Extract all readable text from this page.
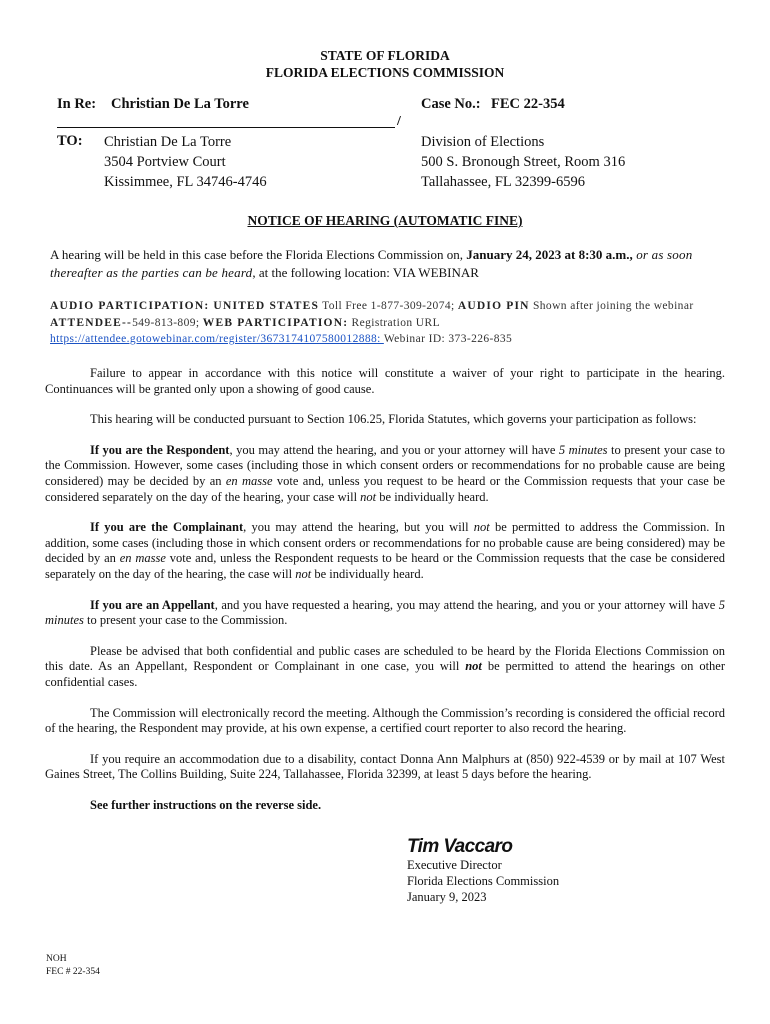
STATE OF FLORIDA
FLORIDA ELECTIONS COMMISSION
In Re: Christian De La Torre	Case No.: FEC 22-354
/
TO: Christian De La Torre
3504 Portview Court
Kissimmee, FL 34746-4746
Division of Elections
500 S. Bronough Street, Room 316
Tallahassee, FL 32399-6596
NOTICE OF HEARING (AUTOMATIC FINE)
A hearing will be held in this case before the Florida Elections Commission on, January 24, 2023 at 8:30 a.m., or as soon thereafter as the parties can be heard, at the following location: VIA WEBINAR
AUDIO PARTICIPATION: UNITED STATES Toll Free 1-877-309-2074; AUDIO PIN Shown after joining the webinar
ATTENDEE--549-813-809; WEB PARTICIPATION: Registration URL
https://attendee.gotowebinar.com/register/3673174107580012888: Webinar ID: 373-226-835

Failure to appear in accordance with this notice will constitute a waiver of your right to participate in the hearing. Continuances will be granted only upon a showing of good cause.

This hearing will be conducted pursuant to Section 106.25, Florida Statutes, which governs your participation as follows:

If you are the Respondent, you may attend the hearing, and you or your attorney will have 5 minutes to present your case to the Commission. However, some cases (including those in which consent orders or recommendations for no probable cause are being considered) may be decided by an en masse vote and, unless you request to be heard or the Commission requests that your case be considered separately on the day of the hearing, your case will not be individually heard.

If you are the Complainant, you may attend the hearing, but you will not be permitted to address the Commission. In addition, some cases (including those in which consent orders or recommendations for no probable cause are being considered) may be decided by an en masse vote and, unless the Respondent requests to be heard or the Commission requests that the case be considered separately on the day of the hearing, the case will not be individually heard.

If you are an Appellant, and you have requested a hearing, you may attend the hearing, and you or your attorney will have 5 minutes to present your case to the Commission.

Please be advised that both confidential and public cases are scheduled to be heard by the Florida Elections Commission on this date. As an Appellant, Respondent or Complainant in one case, you will not be permitted to attend the hearings on other confidential cases.

The Commission will electronically record the meeting. Although the Commission’s recording is considered the official record of the hearing, the Respondent may provide, at his own expense, a certified court reporter to also record the hearing.

If you require an accommodation due to a disability, contact Donna Ann Malphurs at (850) 922-4539 or by mail at 107 West Gaines Street, The Collins Building, Suite 224, Tallahassee, Florida 32399, at least 5 days before the hearing.

See further instructions on the reverse side.

Tim Vaccaro
Executive Director
Florida Elections Commission
January 9, 2023
NOH
FEC # 22-354
